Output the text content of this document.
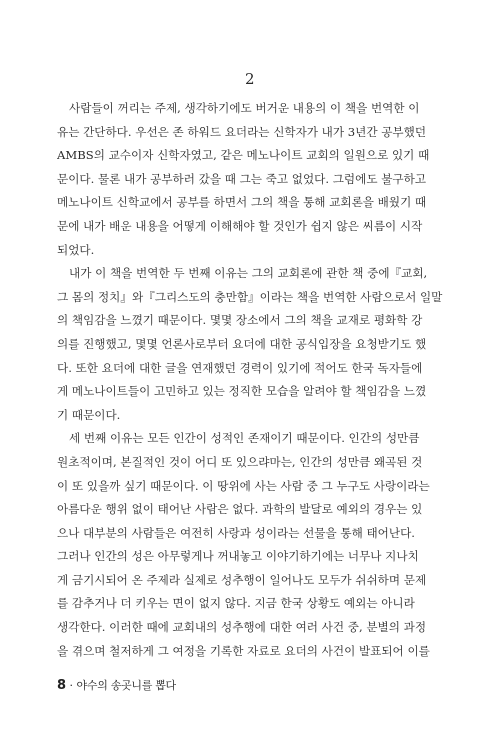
2
사람들이 꺼리는 주제, 생각하기에도 버거운 내용의 이 책을 번역한 이
유는 간단하다. 우선은 존 하워드 요더라는 신학자가 내가 3년간 공부했던
AMBS의 교수이자 신학자였고, 같은 메노나이트 교회의 일원으로 있기 때
문이다. 물론 내가 공부하러 갔을 때 그는 죽고 없었다. 그럼에도 불구하고
메노나이트 신학교에서 공부를 하면서 그의 책을 통해 교회론을 배웠기 때
문에 내가 배운 내용을 어떻게 이해해야 할 것인가 쉽지 않은 씨름이 시작
되었다.
내가 이 책을 번역한 두 번째 이유는 그의 교회론에 관한 책 중에『교회,
그 몸의 정치』와『그리스도의 충만함』이라는 책을 번역한 사람으로서 일말
의 책임감을 느꼈기 때문이다. 몇몇 장소에서 그의 책을 교재로 평화학 강
의를 진행했고, 몇몇 언론사로부터 요더에 대한 공식입장을 요청받기도 했
다. 또한 요더에 대한 글을 연재했던 경력이 있기에 적어도 한국 독자들에
게 메노나이트들이 고민하고 있는 정직한 모습을 알려야 할 책임감을 느꼈
기 때문이다.
세 번째 이유는 모든 인간이 성적인 존재이기 때문이다. 인간의 성만큼
원초적이며, 본질적인 것이 어디 또 있으랴마는, 인간의 성만큼 왜곡된 것
이 또 있을까 싶기 때문이다. 이 땅위에 사는 사람 중 그 누구도 사랑이라는
아름다운 행위 없이 태어난 사람은 없다. 과학의 발달로 예외의 경우는 있
으나 대부분의 사람들은 여전히 사랑과 성이라는 선물을 통해 태어난다.
그러나 인간의 성은 아무렇게나 꺼내놓고 이야기하기에는 너무나 지나치
게 금기시되어 온 주제라 실제로 성추행이 일어나도 모두가 쉬쉬하며 문제
를 감추거나 더 키우는 면이 없지 않다. 지금 한국 상황도 예외는 아니라
생각한다. 이러한 때에 교회내의 성추행에 대한 여러 사건 중, 분별의 과정
을 겪으며 철저하게 그 여정을 기록한 자료로 요더의 사건이 발표되어 이를
8 · 야수의 송곳니를 뽑다
